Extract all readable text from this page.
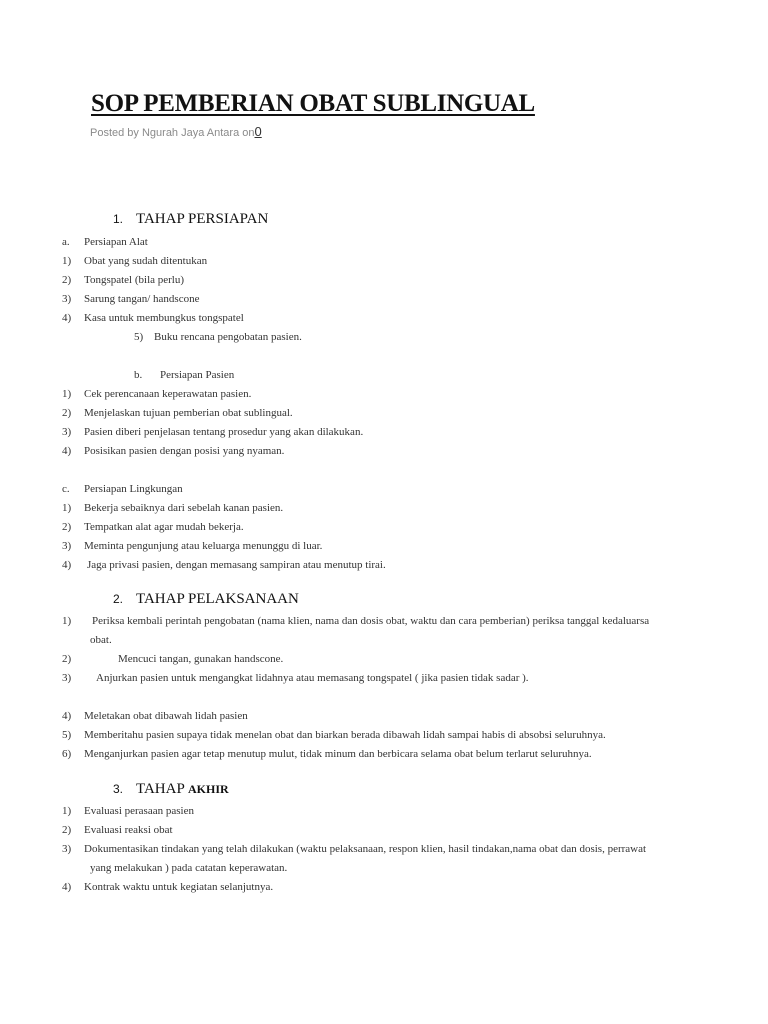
SOP PEMBERIAN OBAT SUBLINGUAL
Posted by Ngurah Jaya Antara on0
1. TAHAP PERSIAPAN
a. Persiapan Alat
1) Obat yang sudah ditentukan
2) Tongspatel (bila perlu)
3) Sarung tangan/ handscone
4) Kasa untuk membungkus tongspatel
5) Buku rencana pengobatan pasien.
b. Persiapan Pasien
1) Cek perencanaan keperawatan pasien.
2) Menjelaskan tujuan pemberian obat sublingual.
3) Pasien diberi penjelasan tentang prosedur yang akan dilakukan.
4) Posisikan pasien dengan posisi yang nyaman.
c. Persiapan Lingkungan
1) Bekerja sebaiknya dari sebelah kanan pasien.
2) Tempatkan alat agar mudah bekerja.
3) Meminta pengunjung atau keluarga menunggu di luar.
4) Jaga privasi pasien, dengan memasang sampiran atau menutup tirai.
2. TAHAP PELAKSANAAN
1) Periksa kembali perintah pengobatan (nama klien, nama dan dosis obat, waktu dan cara pemberian) periksa tanggal kedaluarsa
obat.
2)	Mencuci tangan, gunakan handscone.
3) Anjurkan pasien untuk mengangkat lidahnya atau memasang tongspatel ( jika pasien tidak sadar ).
4) Meletakan obat dibawah lidah pasien
5) Memberitahu pasien supaya tidak menelan obat dan biarkan berada dibawah lidah sampai habis di absobsi seluruhnya.
6) Menganjurkan pasien agar tetap menutup mulut, tidak minum dan berbicara selama obat belum terlarut seluruhnya.
3. TAHAP AKHIR
1) Evaluasi perasaan pasien
2) Evaluasi reaksi obat
3) Dokumentasikan tindakan yang telah dilakukan (waktu pelaksanaan, respon klien, hasil tindakan,nama obat dan dosis, perrawat
yang melakukan ) pada catatan keperawatan.
4) Kontrak waktu untuk kegiatan selanjutnya.
